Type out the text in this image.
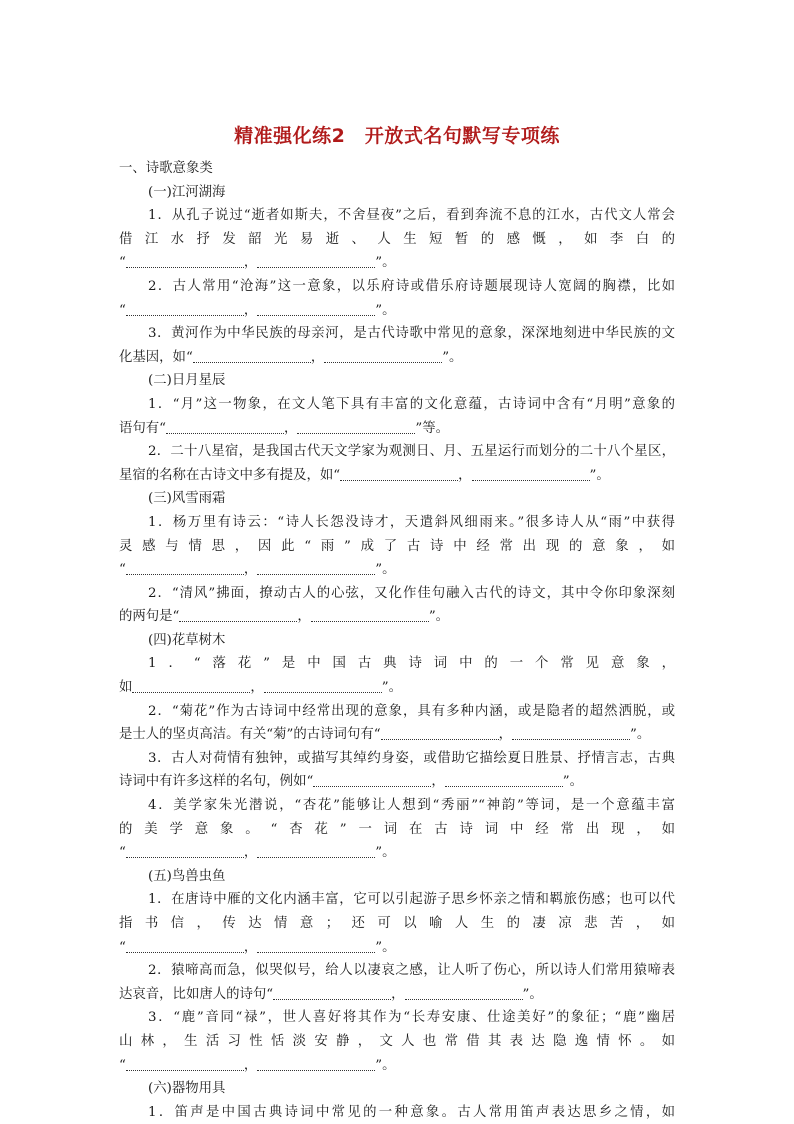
精准强化练2　开放式名句默写专项练
一、诗歌意象类
(一)江河湖海
1．从孔子说过“逝者如斯夫，不舍昼夜”之后，看到奔流不息的江水，古代文人常会
借江水抒发韶光易逝、人生短暂的感慨，如李白的
“	，	”。
2．古人常用“沧海”这一意象，以乐府诗或借乐府诗题展现诗人宽阔的胸襟，比如
“	，	”。
3．黄河作为中华民族的母亲河，是古代诗歌中常见的意象，深深地刻进中华民族的文
化基因，如“	，	”。
(二)日月星辰
1．“月”这一物象，在文人笔下具有丰富的文化意蕴，古诗词中含有“月明”意象的
语句有“	，	”等。
2．二十八星宿，是我国古代天文学家为观测日、月、五星运行而划分的二十八个星区，
星宿的名称在古诗文中多有提及，如“	，	”。
(三)风雪雨霜
1．杨万里有诗云：“诗人长怨没诗才，天遣斜风细雨来。”很多诗人从“雨”中获得
灵感与情思，因此“雨”成了古诗中经常出现的意象，如
“	，	”。
2．“清风”拂面，撩动古人的心弦，又化作佳句融入古代的诗文，其中令你印象深刻
的两句是“	，	”。
(四)花草树木
1．“落花”是中国古典诗词中的一个常见意象，
如	，	”。
2．“菊花”作为古诗词中经常出现的意象，具有多种内涵，或是隐者的超然洒脱，或
是士人的坚贞高洁。有关“菊”的古诗词句有“	，	”。
3．古人对荷情有独钟，或描写其绰约身姿，或借助它描绘夏日胜景、抒情言志，古典
诗词中有许多这样的名句，例如“	，	”。
4．美学家朱光潜说，“杏花”能够让人想到“秀丽”“神韵”等词，是一个意蕴丰富
的美学意象。“杏花”一词在古诗词中经常出现，如
“	，	”。
(五)鸟兽虫鱼
1．在唐诗中雁的文化内涵丰富，它可以引起游子思乡怀亲之情和羁旅伤感；也可以代
指书信，传达情意；还可以喻人生的凄凉悲苦，如
“	，	”。
2．猿啼高而急，似哭似号，给人以凄哀之感，让人听了伤心，所以诗人们常用猿啼表
达哀音，比如唐人的诗句“	，	”。
3．“鹿”音同“禄”，世人喜好将其作为“长寿安康、仕途美好”的象征；“鹿”幽居
山林，生活习性恬淡安静，文人也常借其表达隐逸情怀。如
“	，	”。
(六)器物用具
1．笛声是中国古典诗词中常见的一种意象。古人常用笛声表达思乡之情，如
